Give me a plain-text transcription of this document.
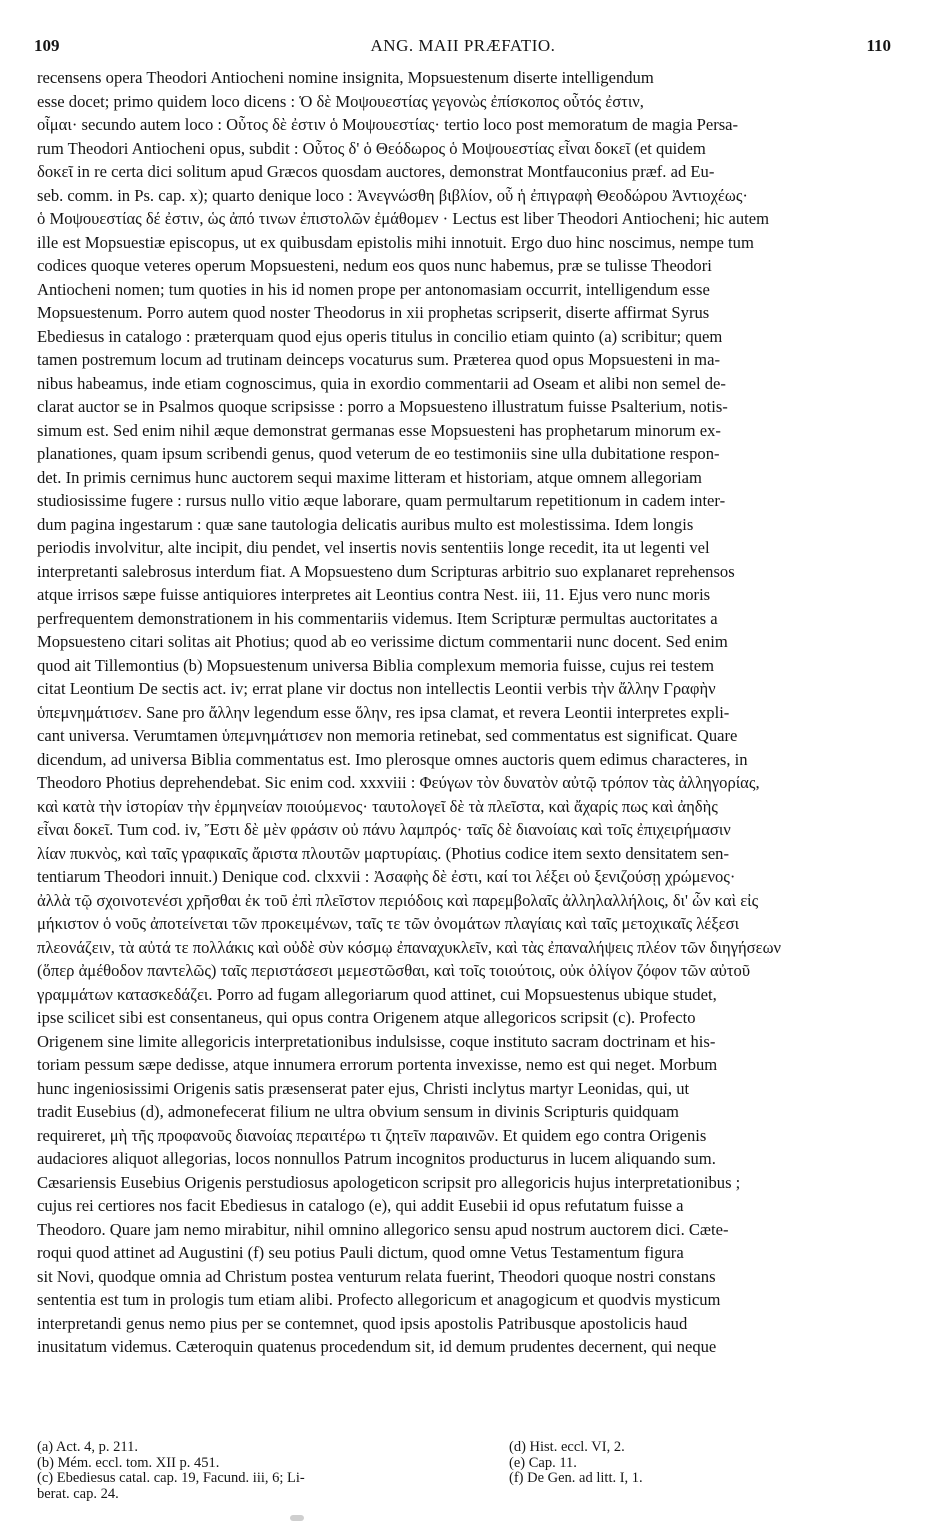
109	ANG. MAII PRÆFATIO.	110
recensens opera Theodori Antiocheni nomine insignita, Mopsuestenum diserte intelligendum
esse docet; primo quidem loco dicens : Ὁ δὲ Μοψουεστίας γεγονὼς ἐπίσκοπος οὗτός ἐστιν,
οἶμαι· secundo autem loco : Οὗτος δὲ ἐστιν ὁ Μοψουεστίας· tertio loco post memoratum de magia Persa-
rum Theodori Antiocheni opus, subdit : Οὗτος δ' ὁ Θεόδωρος ὁ Μοψουεστίας εἶναι δοκεῖ (et quidem
δοκεῖ in re certa dici solitum apud Græcos quosdam auctores, demonstrat Montfauconius præf. ad Eu-
seb. comm. in Ps. cap. x); quarto denique loco : Ἀνεγνώσθη βιβλίον, οὗ ἡ ἐπιγραφὴ Θεοδώρου Ἀντιοχέως·
ὁ Μοψουεστίας δέ ἐστιν, ὡς ἀπό τινων ἐπιστολῶν ἐμάθομεν · Lectus est liber Theodori Antiocheni; hic autem
ille est Mopsuestiæ episcopus, ut ex quibusdam epistolis mihi innotuit. Ergo duo hinc noscimus, nempe tum
codices quoque veteres operum Mopsuesteni, nedum eos quos nunc habemus, præ se tulisse Theodori
Antiocheni nomen; tum quoties in his id nomen prope per antonomasiam occurrit, intelligendum esse
Mopsuestenum. Porro autem quod noster Theodorus in xii prophetas scripserit, diserte affirmat Syrus
Ebediesus in catalogo : præterquam quod ejus operis titulus in concilio etiam quinto (a) scribitur; quem
tamen postremum locum ad trutinam deinceps vocaturus sum. Præterea quod opus Mopsuesteni in ma-
nibus habeamus, inde etiam cognoscimus, quia in exordio commentarii ad Oseam et alibi non semel de-
clarat auctor se in Psalmos quoque scripsisse : porro a Mopsuesteno illustratum fuisse Psalterium, notis-
simum est. Sed enim nihil æque demonstrat germanas esse Mopsuesteni has prophetarum minorum ex-
planationes, quam ipsum scribendi genus, quod veterum de eo testimoniis sine ulla dubitatione respon-
det. In primis cernimus hunc auctorem sequi maxime litteram et historiam, atque omnem allegoriam
studiosissime fugere : rursus nullo vitio æque laborare, quam permultarum repetitionum in cadem inter-
dum pagina ingestarum : quæ sane tautologia delicatis auribus multo est molestissima. Idem longis
periodis involvitur, alte incipit, diu pendet, vel insertis novis sententiis longe recedit, ita ut legenti vel
interpretanti salebrosus interdum fiat. A Mopsuesteno dum Scripturas arbitrio suo explanaret reprehensos
atque irrisos sæpe fuisse antiquiores interpretes ait Leontius contra Nest. iii, 11. Ejus vero nunc moris
perfrequentem demonstrationem in his commentariis videmus. Item Scripturæ permultas auctoritates a
Mopsuesteno citari solitas ait Photius; quod ab eo verissime dictum commentarii nunc docent. Sed enim
quod ait Tillemontius (b) Mopsuestenum universa Biblia complexum memoria fuisse, cujus rei testem
citat Leontium De sectis act. iv; errat plane vir doctus non intellectis Leontii verbis τὴν ἄλλην Γραφὴν
ὑπεμνημάτισεν. Sane pro ἄλλην legendum esse ὅλην, res ipsa clamat, et revera Leontii interpretes expli-
cant universa. Verumtamen ὑπεμνημάτισεν non memoria retinebat, sed commentatus est significat. Quare
dicendum, ad universa Biblia commentatus est. Imo plerosque omnes auctoris quem edimus characteres, in
Theodoro Photius deprehendebat. Sic enim cod. xxxviii : Φεύγων τὸν δυνατὸν αὐτῷ τρόπον τὰς ἀλληγορίας,
καὶ κατὰ τὴν ἱστορίαν τὴν ἑρμηνείαν ποιούμενος· ταυτολογεῖ δὲ τὰ πλεῖστα, καὶ ἄχαρίς πως καὶ ἀηδὴς
εἶναι δοκεῖ. Tum cod. iv, Ἔστι δὲ μὲν φράσιν οὐ πάνυ λαμπρός· ταῖς δὲ διανοίαις καὶ τοῖς ἐπιχειρήμασιν
λίαν πυκνὸς, καὶ ταῖς γραφικαῖς ἄριστα πλουτῶν μαρτυρίαις. (Photius codice item sexto densitatem sen-
tentiarum Theodori innuit.) Denique cod. clxxvii : Ἀσαφὴς δὲ ἐστι, καί τοι λέξει οὐ ξενιζούσῃ χρώμενος·
ἀλλὰ τῷ σχοινοτενέσι χρῆσθαι ἐκ τοῦ ἐπὶ πλεῖστον περιόδοις καὶ παρεμβολαῖς ἀλληλαλλήλοις, δι' ὧν καὶ εἰς
μήκιστον ὁ νοῦς ἀποτείνεται τῶν προκειμένων, ταῖς τε τῶν ὀνομάτων πλαγίαις καὶ ταῖς μετοχικαῖς λέξεσι
πλεονάζειν, τὰ αὐτά τε πολλάκις καὶ οὐδὲ σὺν κόσμῳ ἐπαναχυκλεῖν, καὶ τὰς ἐπαναλήψεις πλέον τῶν διηγήσεων
(ὅπερ ἀμέθοδον παντελῶς) ταῖς περιστάσεσι μεμεστῶσθαι, καὶ τοῖς τοιούτοις, οὐκ ὀλίγον ζόφον τῶν αὐτοῦ
γραμμάτων κατασκεδάζει. Porro ad fugam allegoriarum quod attinet, cui Mopsuestenus ubique studet,
ipse scilicet sibi est consentaneus, qui opus contra Origenem atque allegoricos scripsit (c). Profecto
Origenem sine limite allegoricis interpretationibus indulsisse, coque instituto sacram doctrinam et his-
toriam pessum sæpe dedisse, atque innumera errorum portenta invexisse, nemo est qui neget. Morbum
hunc ingeniosissimi Origenis satis præsenserat pater ejus, Christi inclytus martyr Leonidas, qui, ut
tradit Eusebius (d), admonefecerat filium ne ultra obvium sensum in divinis Scripturis quidquam
requireret, μὴ τῆς προφανοῦς διανοίας περαιτέρω τι ζητεῖν παραινῶν. Et quidem ego contra Origenis
audaciores aliquot allegorias, locos nonnullos Patrum incognitos producturus in lucem aliquando sum.
Cæsariensis Eusebius Origenis perstudiosus apologeticon scripsit pro allegoricis hujus interpretationibus ;
cujus rei certiores nos facit Ebediesus in catalogo (e), qui addit Eusebii id opus refutatum fuisse a
Theodoro. Quare jam nemo mirabitur, nihil omnino allegorico sensu apud nostrum auctorem dici. Cæte-
roqui quod attinet ad Augustini (f) seu potius Pauli dictum, quod omne Vetus Testamentum figura
sit Novi, quodque omnia ad Christum postea venturum relata fuerint, Theodori quoque nostri constans
sententia est tum in prologis tum etiam alibi. Profecto allegoricum et anagogicum et quodvis mysticum
interpretandi genus nemo pius per se contemnet, quod ipsis apostolis Patribusque apostolicis haud
inusitatum videmus. Cæteroquin quatenus procedendum sit, id demum prudentes decernent, qui neque
(a) Act. 4, p. 211.
(b) Mém. eccl. tom. XII p. 451.
(c) Ebediesus catal. cap. 19, Facund. iii, 6; Li-
berat. cap. 24.
(d) Hist. eccl. VI, 2.
(e) Cap. 11.
(f) De Gen. ad litt. I, 1.
